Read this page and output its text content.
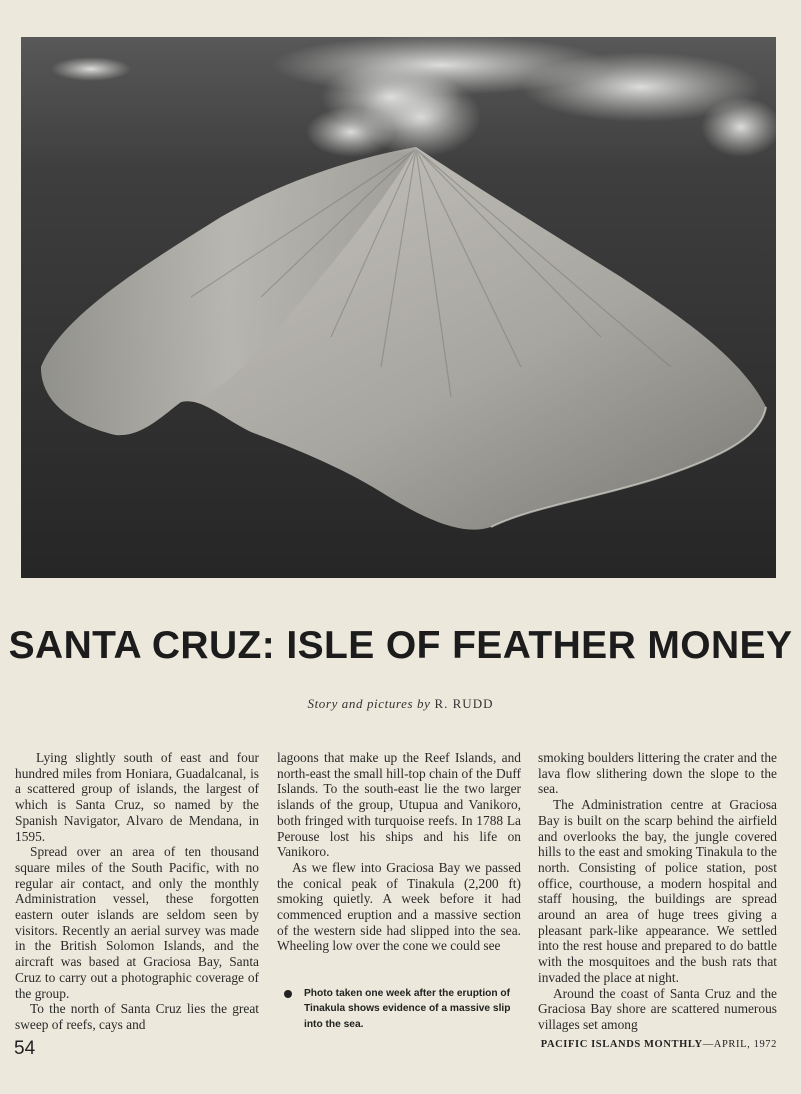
SANTA CRUZ: ISLE OF FEATHER MONEY
Story and pictures by R. RUDD

Lying slightly south of east and four hundred miles from Honiara, Guadalcanal, is a scattered group of islands, the largest of which is Santa Cruz, so named by the Spanish Navigator, Alvaro de Mendana, in 1595.

Spread over an area of ten thousand square miles of the South Pacific, with no regular air contact, and only the monthly Administration vessel, these forgotten eastern outer islands are seldom seen by visitors. Recently an aerial survey was made in the British Solomon Islands, and the aircraft was based at Graciosa Bay, Santa Cruz to carry out a photographic coverage of the group.

To the north of Santa Cruz lies the great sweep of reefs, cays and

lagoons that make up the Reef Islands, and north-east the small hill-top chain of the Duff Islands. To the south-east lie the two larger islands of the group, Utupua and Vanikoro, both fringed with turquoise reefs. In 1788 La Perouse lost his ships and his life on Vanikoro.

As we flew into Graciosa Bay we passed the conical peak of Tinakula (2,200 ft) smoking quietly. A week before it had commenced eruption and a massive section of the western side had slipped into the sea. Wheeling low over the cone we could see

Photo taken one week after the eruption of Tinakula shows evidence of a massive slip into the sea.

smoking boulders littering the crater and the lava flow slithering down the slope to the sea.

The Administration centre at Graciosa Bay is built on the scarp behind the airfield and overlooks the bay, the jungle covered hills to the east and smoking Tinakula to the north. Consisting of police station, post office, courthouse, a modern hospital and staff housing, the buildings are spread around an area of huge trees giving a pleasant park-like appearance. We settled into the rest house and prepared to do battle with the mosquitoes and the bush rats that invaded the place at night.

Around the coast of Santa Cruz and the Graciosa Bay shore are scattered numerous villages set among

54	PACIFIC ISLANDS MONTHLY—APRIL, 1972
